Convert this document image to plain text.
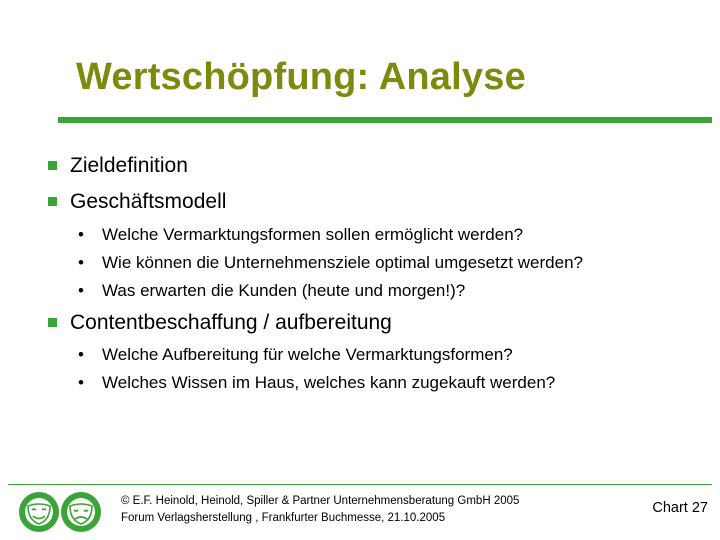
Wertschöpfung: Analyse
Zieldefinition
Geschäftsmodell
• Welche Vermarktungsformen sollen ermöglicht werden?
• Wie können die Unternehmensziele optimal umgesetzt werden?
• Was erwarten die Kunden (heute und morgen!)?
Contentbeschaffung / aufbereitung
• Welche Aufbereitung für welche Vermarktungsformen?
• Welches Wissen im Haus, welches kann zugekauft werden?
© E.F. Heinold, Heinold, Spiller & Partner Unternehmensberatung GmbH 2005
Forum Verlagsherstellung , Frankfurter Buchmesse, 21.10.2005
Chart 27
